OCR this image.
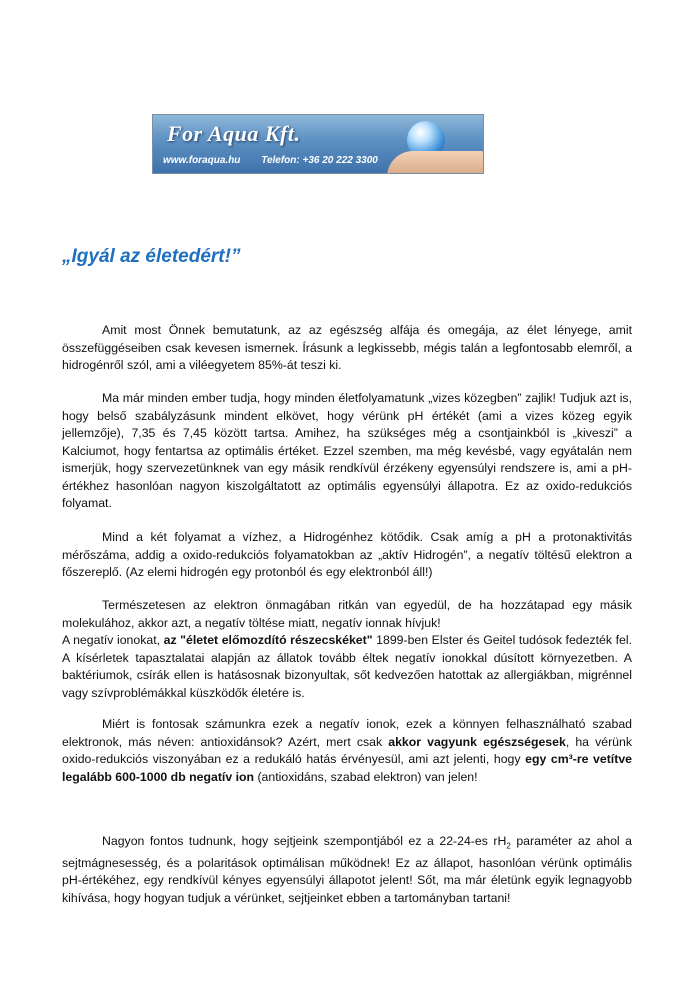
For Aqua Kft.
www.foraqua.hu Telefon: +36 20 222 3300
„Igyál az életedért!”

Amit most Önnek bemutatunk, az az egészség alfája és omegája, az élet lényege, amit összefüggéseiben csak kevesen ismernek. Írásunk a legkissebb, mégis talán a legfontosabb elemről, a hidrogénről szól, ami a viléegyetem 85%-át teszi ki.

Ma már minden ember tudja, hogy minden életfolyamatunk „vizes közegben” zajlik! Tudjuk azt is, hogy belső szabályzásunk mindent elkövet, hogy vérünk pH értékét (ami a vizes közeg egyik jellemzője), 7,35 és 7,45 között tartsa. Amihez, ha szükséges még a csontjainkból is „kiveszi” a Kalciumot, hogy fentartsa az optimális értéket. Ezzel szemben, ma még kevésbé, vagy egyátalán nem ismerjük, hogy szervezetünknek van egy másik rendkívül érzékeny egyensúlyi rendszere is, ami a pH-értékhez hasonlóan nagyon kiszolgáltatott az optimális egyensúlyi állapotra. Ez az oxido-redukciós folyamat.

Mind a két folyamat a vízhez, a Hidrogénhez kötődik. Csak amíg a pH a protonaktivitás mérőszáma, addig a oxido-redukciós folyamatokban az „aktív Hidrogén”, a negatív töltésű elektron a főszereplő. (Az elemi hidrogén egy protonból és egy elektronból áll!)

Természetesen az elektron önmagában ritkán van egyedül, de ha hozzátapad egy másik molekulához, akkor azt, a negatív töltése miatt, negatív ionnak hívjuk!
A negatív ionokat, az "életet előmozdító részecskéket" 1899-ben Elster és Geitel tudósok fedezték fel. A kísérletek tapasztalatai alapján az állatok tovább éltek negatív ionokkal dúsított környezetben. A baktériumok, csírák ellen is hatásosnak bizonyultak, sőt kedvezően hatottak az allergiákban, migrénnel vagy szívproblémákkal küszködők életére is.

Miért is fontosak számunkra ezek a negatív ionok, ezek a könnyen felhasználható szabad elektronok, más néven: antioxidánsok? Azért, mert csak akkor vagyunk egészségesek, ha vérünk oxido-redukciós viszonyában ez a redukáló hatás érvényesül, ami azt jelenti, hogy egy cm³-re vetítve legalább 600-1000 db negatív ion (antioxidáns, szabad elektron) van jelen!

Nagyon fontos tudnunk, hogy sejtjeink szempontjából ez a 22-24-es $rH_2$ paraméter az ahol a sejtmágnesesség, és a polaritások optimálisan működnek! Ez az állapot, hasonlóan vérünk optimális pH-értékéhez, egy rendkívül kényes egyensúlyi állapotot jelent! Sőt, ma már életünk egyik legnagyobb kihívása, hogy hogyan tudjuk a vérünket, sejtjeinket ebben a tartományban tartani!
